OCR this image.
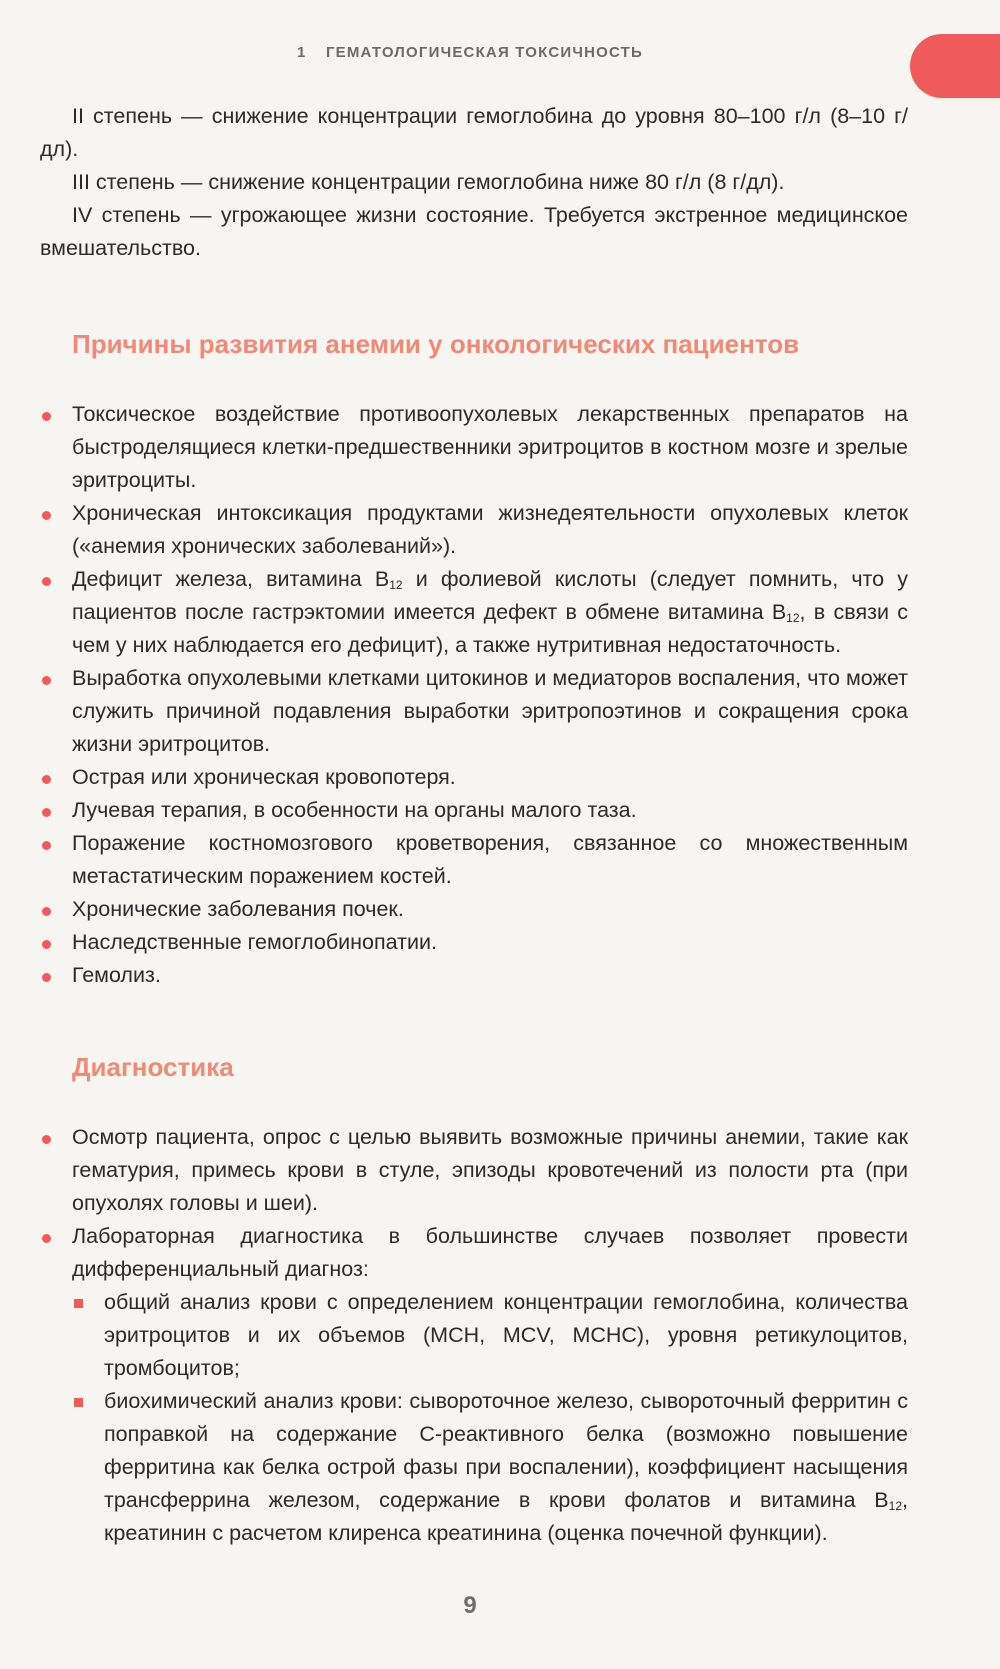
1 ГЕМАТОЛОГИЧЕСКАЯ ТОКСИЧНОСТЬ

II степень — снижение концентрации гемоглобина до уровня 80–100 г/л (8–10 г/дл).

III степень — снижение концентрации гемоглобина ниже 80 г/л (8 г/дл).

IV степень — угрожающее жизни состояние. Требуется экстренное медицинское вмешательство.

Причины развития анемии у онкологических пациентов
Токсическое воздействие противоопухолевых лекарственных препаратов на быстроделящиеся клетки-предшественники эритроцитов в костном мозге и зрелые эритроциты.
Хроническая интоксикация продуктами жизнедеятельности опухолевых клеток («анемия хронических заболеваний»).
Дефицит железа, витамина $B_{12}$ и фолиевой кислоты (следует помнить, что у пациентов после гастрэктомии имеется дефект в обмене витамина $B_{12}$, в связи с чем у них наблюдается его дефицит), а также нутритивная недостаточность.
Выработка опухолевыми клетками цитокинов и медиаторов воспаления, что может служить причиной подавления выработки эритропоэтинов и сокращения срока жизни эритроцитов.
Острая или хроническая кровопотеря.
Лучевая терапия, в особенности на органы малого таза.
Поражение костномозгового кроветворения, связанное со множественным метастатическим поражением костей.
Хронические заболевания почек.
Наследственные гемоглобинопатии.
Гемолиз.
Диагностика
Осмотр пациента, опрос с целью выявить возможные причины анемии, такие как гематурия, примесь крови в стуле, эпизоды кровотечений из полости рта (при опухолях головы и шеи).
Лабораторная диагностика в большинстве случаев позволяет провести дифференциальный диагноз:
общий анализ крови с определением концентрации гемоглобина, количества эритроцитов и их объемов (MCH, MCV, MCHC), уровня ретикулоцитов, тромбоцитов;
биохимический анализ крови: сывороточное железо, сывороточный ферритин с поправкой на содержание С-реактивного белка (возможно повышение ферритина как белка острой фазы при воспалении), коэффициент насыщения трансферрина железом, содержание в крови фолатов и витамина $B_{12}$, креатинин с расчетом клиренса креатинина (оценка почечной функции).
9
